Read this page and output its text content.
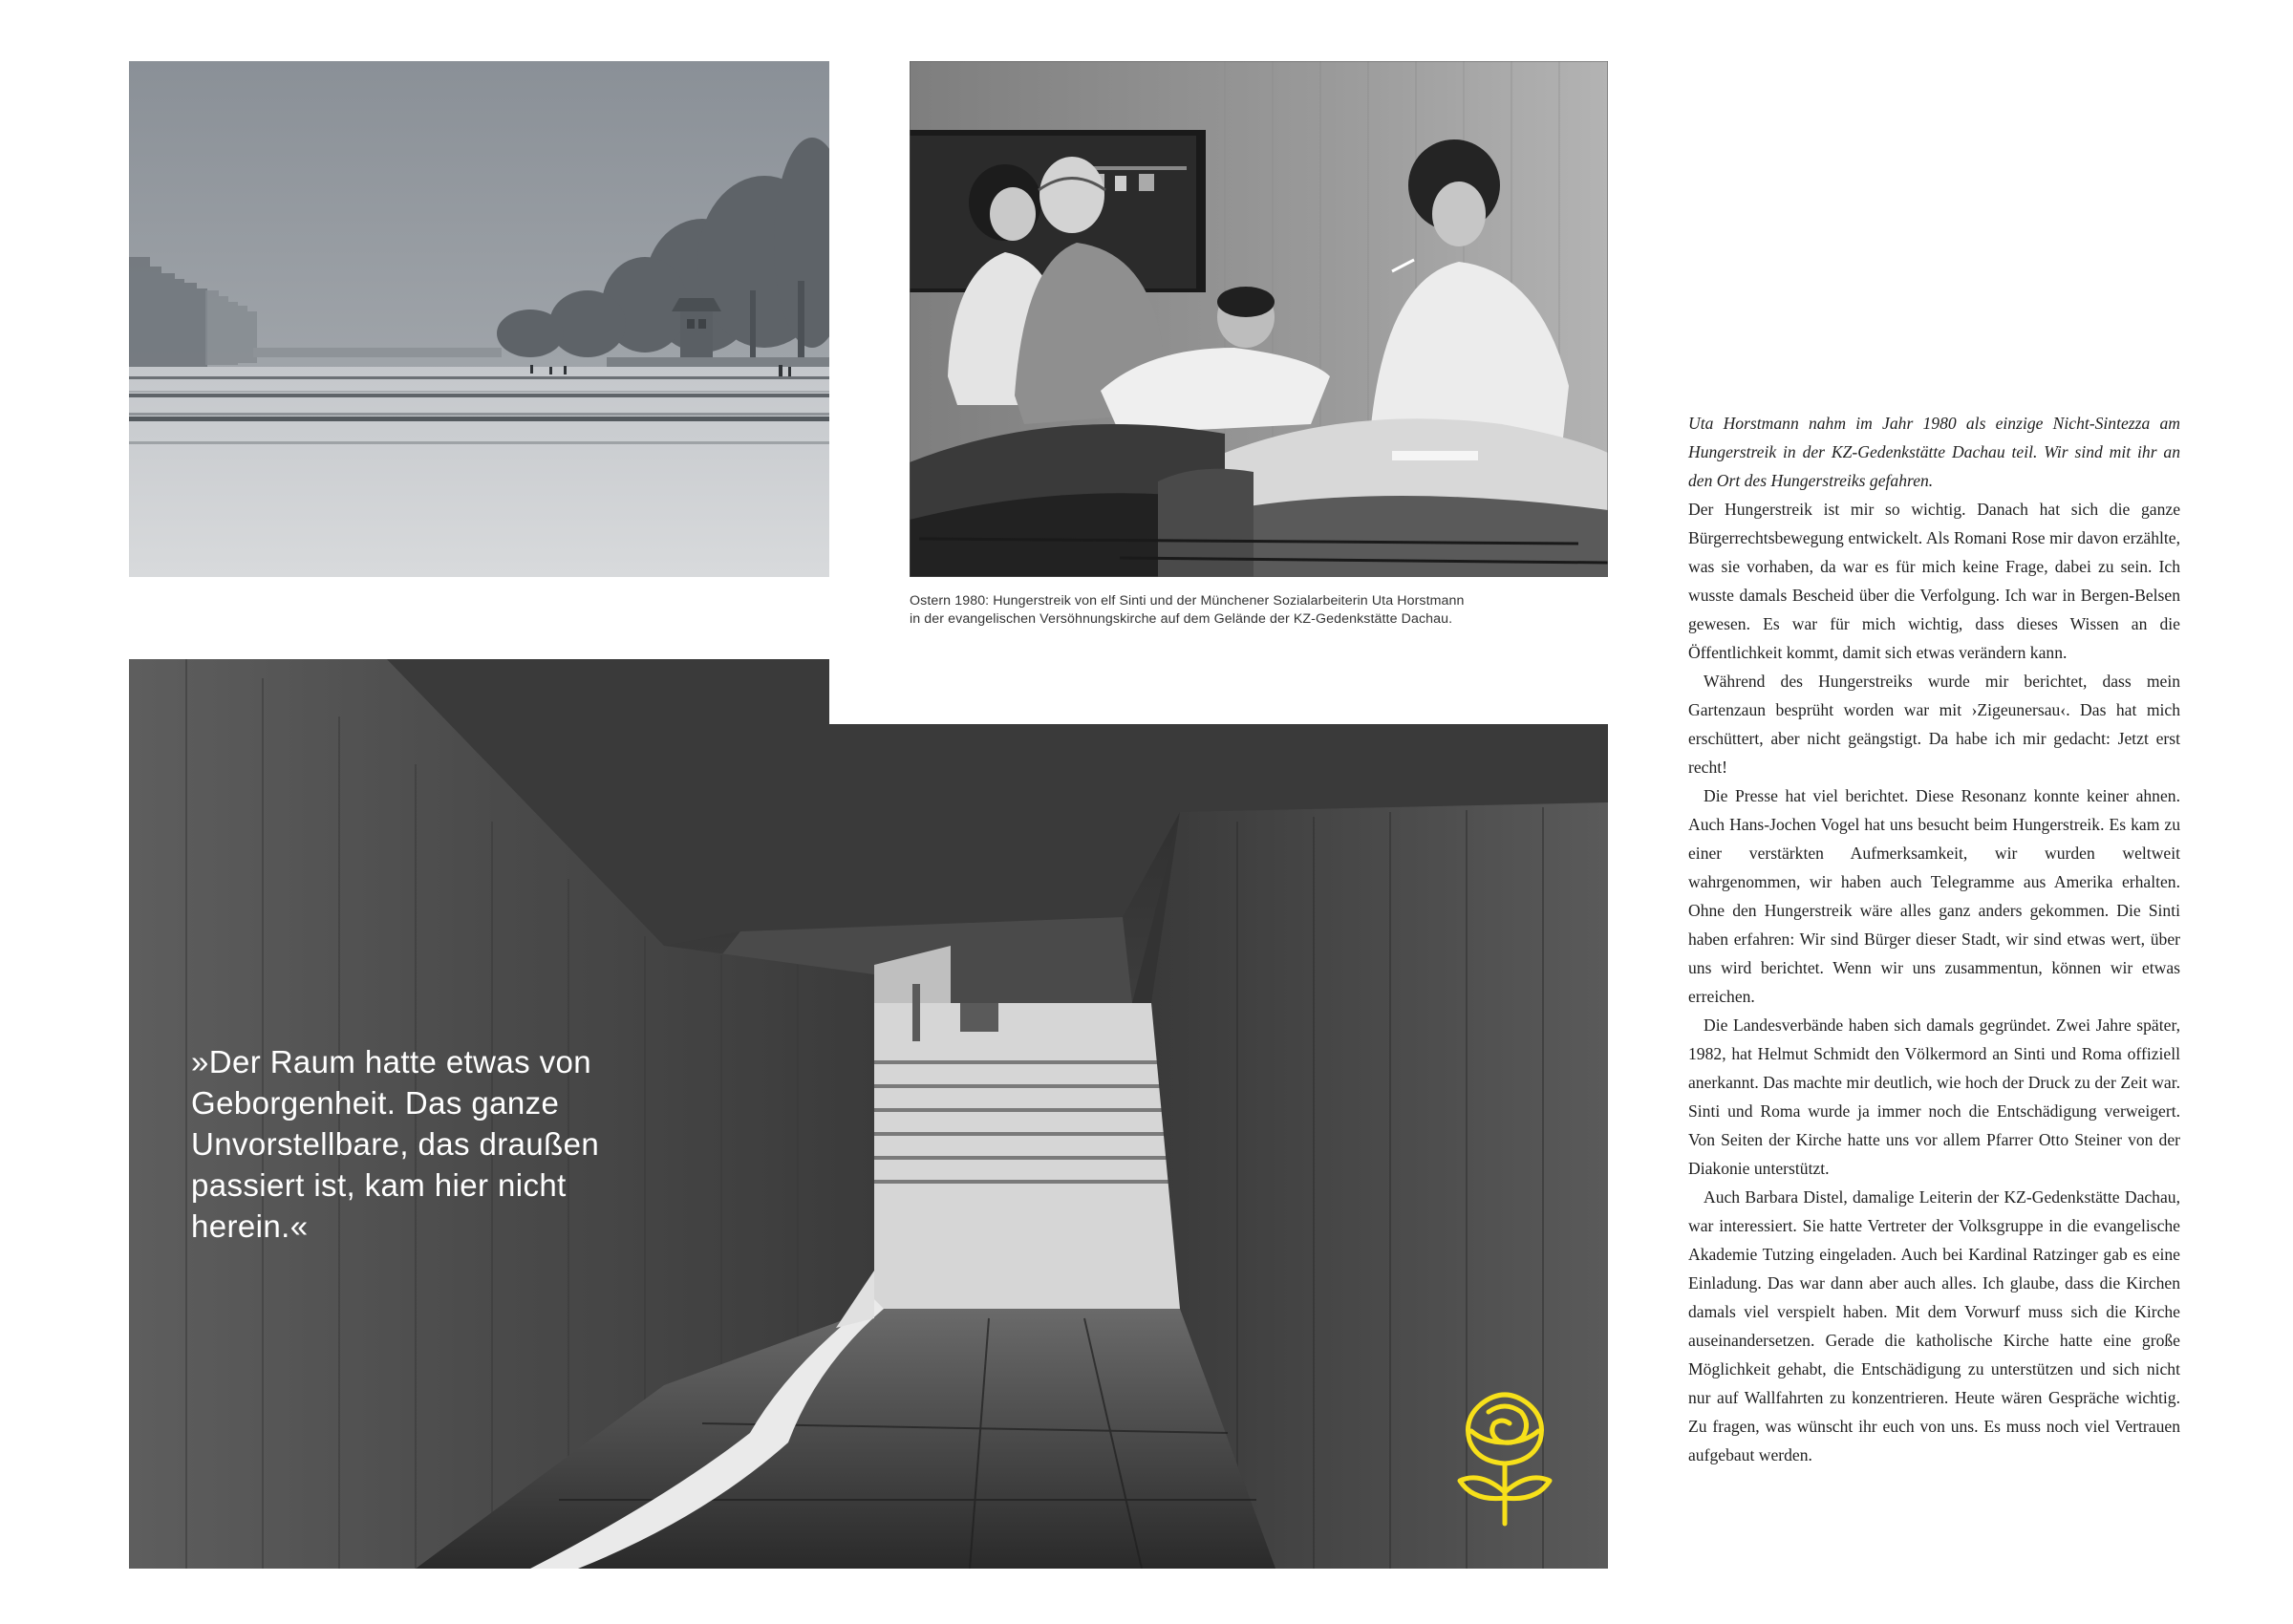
Ostern 1980: Hungerstreik von elf Sinti und der Münchener Sozialarbeiterin Uta Horstmann
in der evangelischen Versöhnungskirche auf dem Gelände der KZ-Gedenkstätte Dachau.
»Der Raum hatte etwas von
Geborgenheit. Das ganze
Unvorstellbare, das draußen
passiert ist, kam hier nicht
herein.«

Uta Horstmann nahm im Jahr 1980 als einzige Nicht-Sintezza am Hungerstreik in der KZ-Gedenkstätte Dachau teil. Wir sind mit ihr an den Ort des Hungerstreiks gefahren.

Der Hungerstreik ist mir so wichtig. Danach hat sich die ganze Bürgerrechtsbewegung entwickelt. Als Romani Rose mir davon erzählte, was sie vorhaben, da war es für mich keine Frage, dabei zu sein. Ich wusste damals Bescheid über die Verfolgung. Ich war in Bergen-Belsen gewesen. Es war für mich wichtig, dass dieses Wissen an die Öffentlichkeit kommt, damit sich etwas verändern kann.

Während des Hungerstreiks wurde mir berichtet, dass mein Gartenzaun besprüht worden war mit ›Zigeunersau‹. Das hat mich erschüttert, aber nicht geängstigt. Da habe ich mir gedacht: Jetzt erst recht!

Die Presse hat viel berichtet. Diese Resonanz konnte keiner ahnen. Auch Hans-Jochen Vogel hat uns besucht beim Hungerstreik. Es kam zu einer verstärkten Aufmerksamkeit, wir wurden weltweit wahrgenommen, wir haben auch Telegramme aus Amerika erhalten. Ohne den Hungerstreik wäre alles ganz anders gekommen. Die Sinti haben erfahren: Wir sind Bürger dieser Stadt, wir sind etwas wert, über uns wird berichtet. Wenn wir uns zusammentun, können wir etwas erreichen.

Die Landesverbände haben sich damals gegründet. Zwei Jahre später, 1982, hat Helmut Schmidt den Völkermord an Sinti und Roma offiziell anerkannt. Das machte mir deutlich, wie hoch der Druck zu der Zeit war. Sinti und Roma wurde ja immer noch die Entschädigung verweigert. Von Seiten der Kirche hatte uns vor allem Pfarrer Otto Steiner von der Diakonie unterstützt.

Auch Barbara Distel, damalige Leiterin der KZ-Gedenkstätte Dachau, war interessiert. Sie hatte Vertreter der Volksgruppe in die evangelische Akademie Tutzing eingeladen. Auch bei Kardinal Ratzinger gab es eine Einladung. Das war dann aber auch alles. Ich glaube, dass die Kirchen damals viel verspielt haben. Mit dem Vorwurf muss sich die Kirche auseinandersetzen. Gerade die katholische Kirche hatte eine große Möglichkeit gehabt, die Entschädigung zu unterstützen und sich nicht nur auf Wallfahrten zu konzentrieren. Heute wären Gespräche wichtig. Zu fragen, was wünscht ihr euch von uns. Es muss noch viel Vertrauen aufgebaut werden.
